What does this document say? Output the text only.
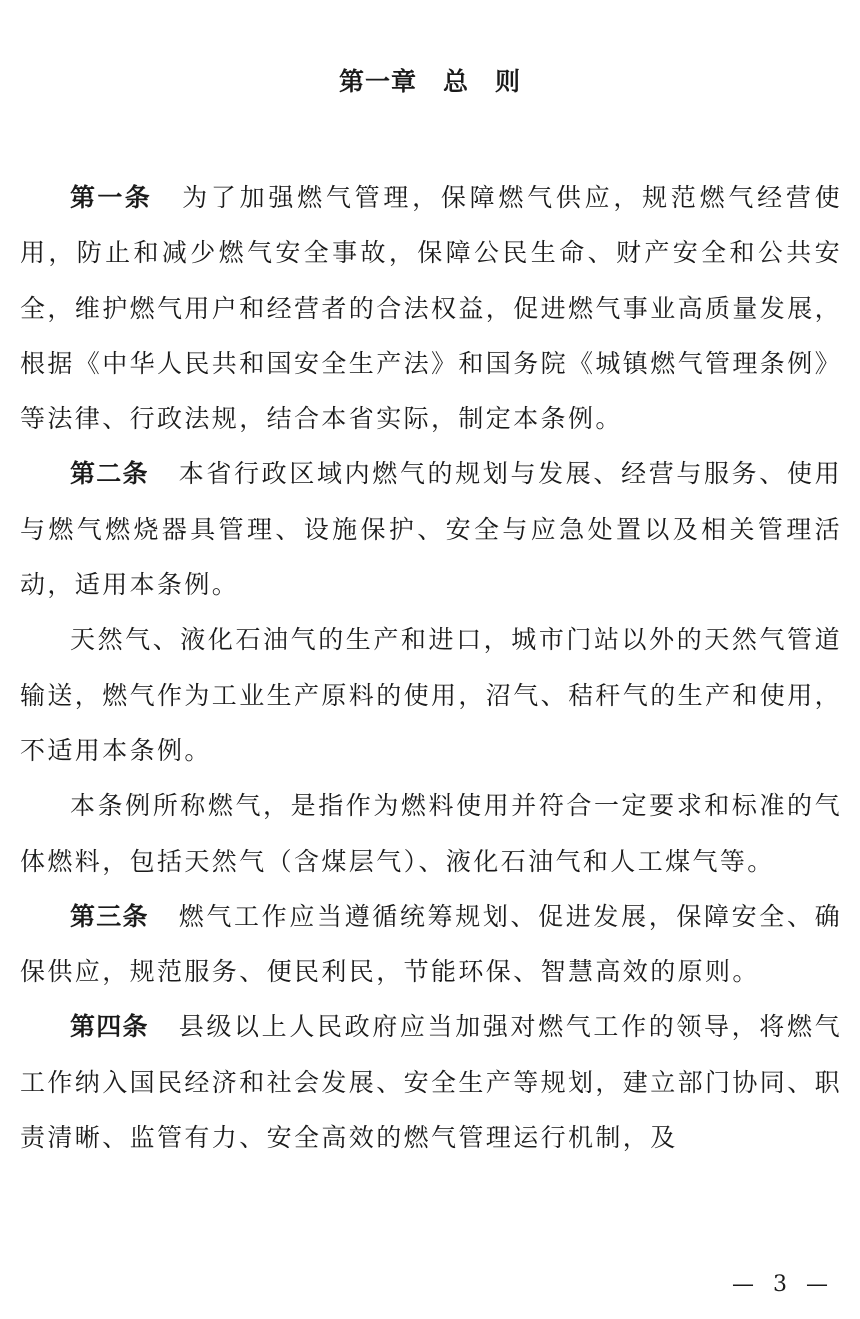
第一章　总　则

第一条 为了加强燃气管理，保障燃气供应，规范燃气经营使用，防止和减少燃气安全事故，保障公民生命、财产安全和公共安全，维护燃气用户和经营者的合法权益，促进燃气事业高质量发展，根据《中华人民共和国安全生产法》和国务院《城镇燃气管理条例》等法律、行政法规，结合本省实际，制定本条例。

第二条 本省行政区域内燃气的规划与发展、经营与服务、使用与燃气燃烧器具管理、设施保护、安全与应急处置以及相关管理活动，适用本条例。

天然气、液化石油气的生产和进口，城市门站以外的天然气管道输送，燃气作为工业生产原料的使用，沼气、秸秆气的生产和使用，不适用本条例。

本条例所称燃气，是指作为燃料使用并符合一定要求和标准的气体燃料，包括天然气（含煤层气）、液化石油气和人工煤气等。

第三条 燃气工作应当遵循统筹规划、促进发展，保障安全、确保供应，规范服务、便民利民，节能环保、智慧高效的原则。

第四条 县级以上人民政府应当加强对燃气工作的领导，将燃气工作纳入国民经济和社会发展、安全生产等规划，建立部门协同、职责清晰、监管有力、安全高效的燃气管理运行机制，及

— 3 —
